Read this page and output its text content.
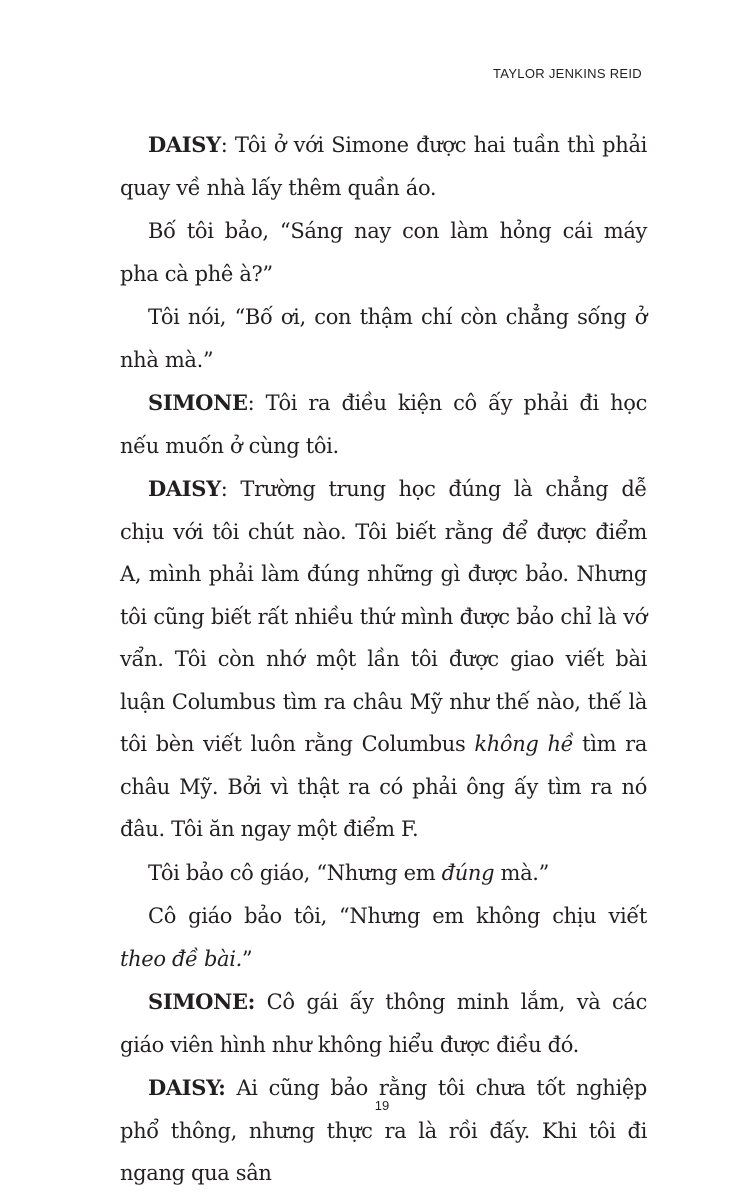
TAYLOR JENKINS REID

DAISY: Tôi ở với Simone được hai tuần thì phải quay về nhà lấy thêm quần áo.

Bố tôi bảo, “Sáng nay con làm hỏng cái máy pha cà phê à?”

Tôi nói, “Bố ơi, con thậm chí còn chẳng sống ở nhà mà.”

SIMONE: Tôi ra điều kiện cô ấy phải đi học nếu muốn ở cùng tôi.

DAISY: Trường trung học đúng là chẳng dễ chịu với tôi chút nào. Tôi biết rằng để được điểm A, mình phải làm đúng những gì được bảo. Nhưng tôi cũng biết rất nhiều thứ mình được bảo chỉ là vớ vẩn. Tôi còn nhớ một lần tôi được giao viết bài luận Columbus tìm ra châu Mỹ như thế nào, thế là tôi bèn viết luôn rằng Columbus không hề tìm ra châu Mỹ. Bởi vì thật ra có phải ông ấy tìm ra nó đâu. Tôi ăn ngay một điểm F.

Tôi bảo cô giáo, “Nhưng em đúng mà.”

Cô giáo bảo tôi, “Nhưng em không chịu viết theo đề bài.”

SIMONE: Cô gái ấy thông minh lắm, và các giáo viên hình như không hiểu được điều đó.

DAISY: Ai cũng bảo rằng tôi chưa tốt nghiệp phổ thông, nhưng thực ra là rồi đấy. Khi tôi đi ngang qua sân

19
